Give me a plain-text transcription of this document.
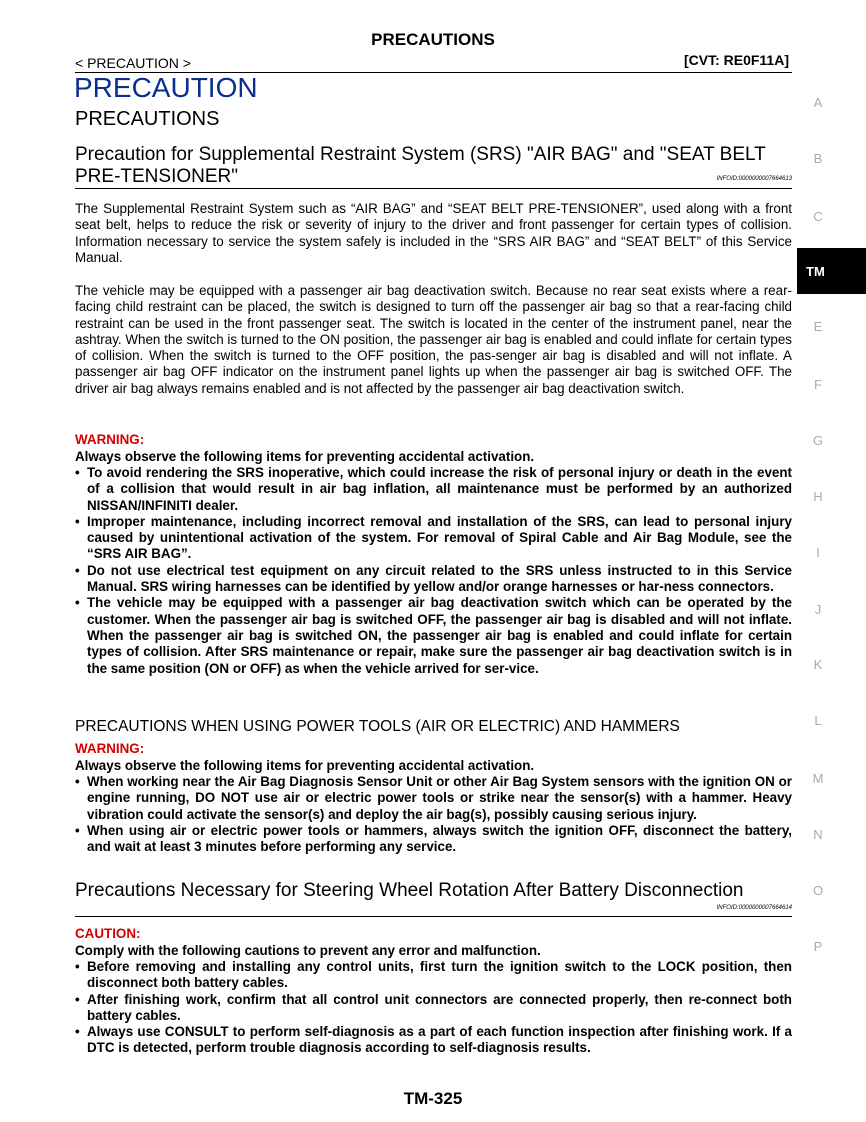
PRECAUTIONS
< PRECAUTION >	[CVT: RE0F11A]
PRECAUTION
PRECAUTIONS
Precaution for Supplemental Restraint System (SRS) "AIR BAG" and "SEAT BELT
PRE-TENSIONER"	INFOID:0000000007664613
The Supplemental Restraint System such as “AIR BAG” and “SEAT BELT PRE-TENSIONER”, used along with a front seat belt, helps to reduce the risk or severity of injury to the driver and front passenger for certain types of collision. Information necessary to service the system safely is included in the “SRS AIR BAG” and “SEAT BELT” of this Service Manual.
The vehicle may be equipped with a passenger air bag deactivation switch. Because no rear seat exists where a rear-facing child restraint can be placed, the switch is designed to turn off the passenger air bag so that a rear-facing child restraint can be used in the front passenger seat. The switch is located in the center of the instrument panel, near the ashtray. When the switch is turned to the ON position, the passenger air bag is enabled and could inflate for certain types of collision. When the switch is turned to the OFF position, the pas-senger air bag is disabled and will not inflate. A passenger air bag OFF indicator on the instrument panel lights up when the passenger air bag is switched OFF. The driver air bag always remains enabled and is not affected by the passenger air bag deactivation switch.
WARNING:
Always observe the following items for preventing accidental activation.
• To avoid rendering the SRS inoperative, which could increase the risk of personal injury or death in the event of a collision that would result in air bag inflation, all maintenance must be performed by an authorized NISSAN/INFINITI dealer.
• Improper maintenance, including incorrect removal and installation of the SRS, can lead to personal injury caused by unintentional activation of the system. For removal of Spiral Cable and Air Bag Module, see the “SRS AIR BAG”.
• Do not use electrical test equipment on any circuit related to the SRS unless instructed to in this Service Manual. SRS wiring harnesses can be identified by yellow and/or orange harnesses or har-ness connectors.
• The vehicle may be equipped with a passenger air bag deactivation switch which can be operated by the customer. When the passenger air bag is switched OFF, the passenger air bag is disabled and will not inflate. When the passenger air bag is switched ON, the passenger air bag is enabled and could inflate for certain types of collision. After SRS maintenance or repair, make sure the passenger air bag deactivation switch is in the same position (ON or OFF) as when the vehicle arrived for ser-vice.
PRECAUTIONS WHEN USING POWER TOOLS (AIR OR ELECTRIC) AND HAMMERS
WARNING:
Always observe the following items for preventing accidental activation.
• When working near the Air Bag Diagnosis Sensor Unit or other Air Bag System sensors with the ignition ON or engine running, DO NOT use air or electric power tools or strike near the sensor(s) with a hammer. Heavy vibration could activate the sensor(s) and deploy the air bag(s), possibly causing serious injury.
• When using air or electric power tools or hammers, always switch the ignition OFF, disconnect the battery, and wait at least 3 minutes before performing any service.
Precautions Necessary for Steering Wheel Rotation After Battery Disconnection
INFOID:0000000007664614
CAUTION:
Comply with the following cautions to prevent any error and malfunction.
• Before removing and installing any control units, first turn the ignition switch to the LOCK position, then disconnect both battery cables.
• After finishing work, confirm that all control unit connectors are connected properly, then re-connect both battery cables.
• Always use CONSULT to perform self-diagnosis as a part of each function inspection after finishing work. If a DTC is detected, perform trouble diagnosis according to self-diagnosis results.
A
B
C
TM
E
F
G
H
I
J
K
L
M
N
O
P
TM-325
